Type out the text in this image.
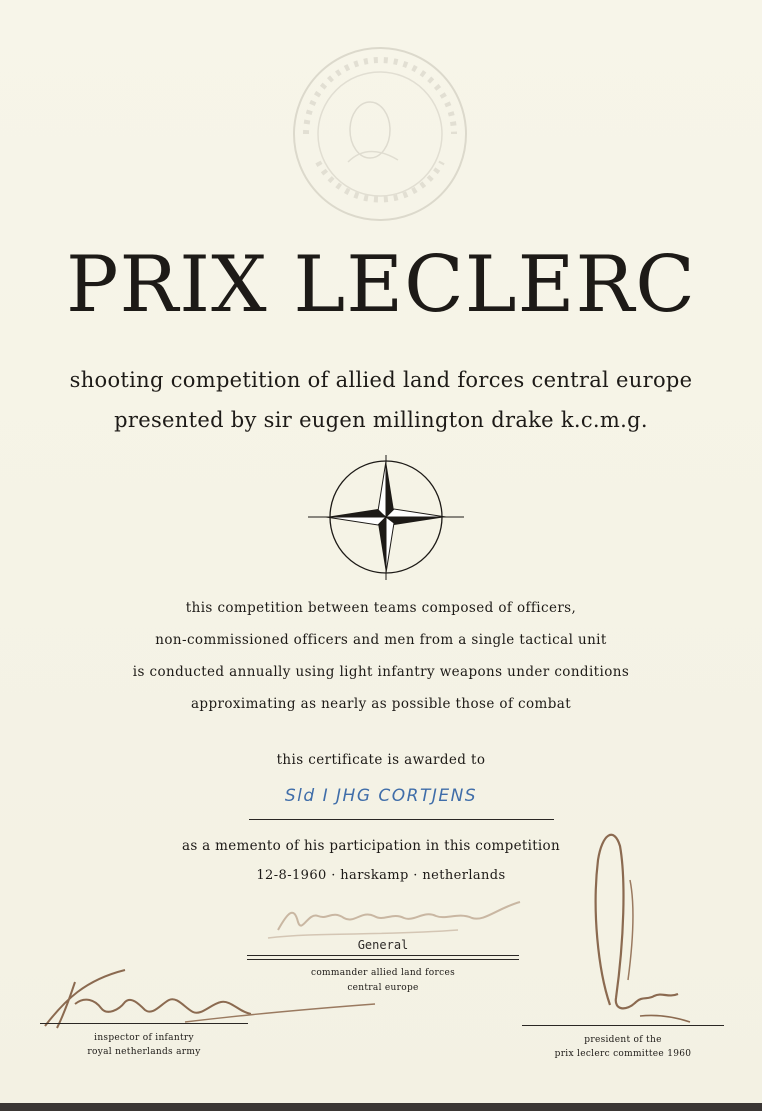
PRIX LECLERC
shooting competition of allied land forces central europe
presented by sir eugen millington drake k.c.m.g.
this competition between teams composed of officers,
non-commissioned officers and men from a single tactical unit
is conducted annually using light infantry weapons under conditions
approximating as nearly as possible those of combat
this certificate is awarded to
Sld I JHG CORTJENS
as a memento of his participation in this competition
12-8-1960 · harskamp · netherlands
General
commander allied land forces
central europe
president of the
prix leclerc committee 1960
inspector of infantry
royal netherlands army
